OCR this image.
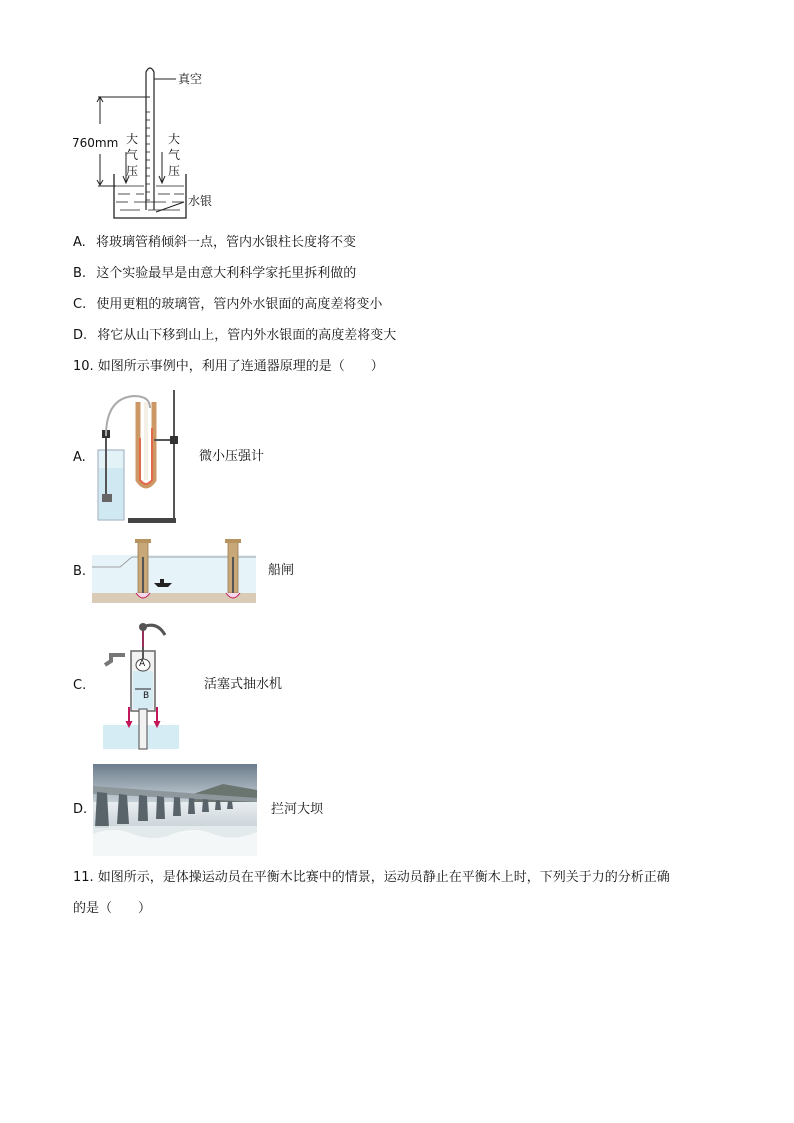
真空
760mm 大
气
压
大
气
压
水银
A. 将玻璃管稍倾斜一点，管内水银柱长度将不变
B. 这个实验最早是由意大利科学家托里拆利做的
C. 使用更粗的玻璃管，管内外水银面的高度差将变小
D. 将它从山下移到山上，管内外水银面的高度差将变大
10. 如图所示事例中，利用了连通器原理的是（　　）
A.	微小压强计
B.	船闸
C.
A
B
活塞式抽水机
D.	拦河大坝
11. 如图所示，是体操运动员在平衡木比赛中的情景，运动员静止在平衡木上时，下列关于力的分析正确
的是（　　）
